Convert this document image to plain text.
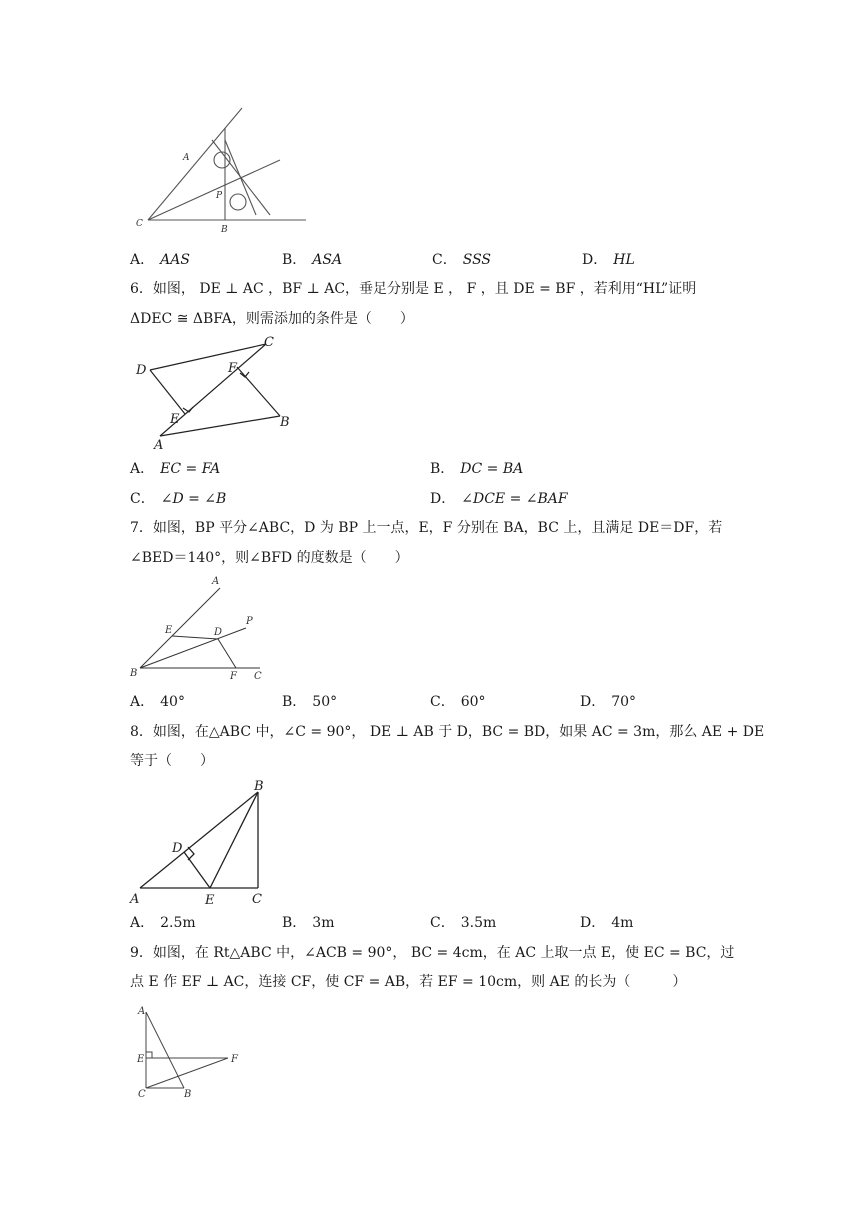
A
P
C
B
A． AAS	B． ASA	C． SSS	D． HL
6．如图， DE ⊥ AC ，BF ⊥ AC，垂足分别是 E ， F ，且 DE = BF ，若利用“HL”证明
ΔDEC ≅ ΔBFA，则需添加的条件是（　　）
D
C
F
E
A
B
A． EC = FA	B． DC = BA
C． ∠D = ∠B	D． ∠DCE = ∠BAF
7．如图，BP 平分∠ABC，D 为 BP 上一点，E，F 分别在 BA，BC 上，且满足 DE＝DF，若
∠BED＝140°，则∠BFD 的度数是（　　）
A
P
E	D
B	F C
A． 40°	B． 50°	C． 60°	D． 70°
8．如图，在△ABC 中，∠C = 90°， DE ⊥ AB 于 D，BC = BD，如果 AC = 3m，那么 AE + DE
等于（　　）
B
D
A	E	C
A． 2.5m	B． 3m	C． 3.5m	D． 4m
9．如图，在 Rt△ABC 中，∠ACB = 90°， BC = 4cm，在 AC 上取一点 E，使 EC = BC，过
点 E 作 EF ⊥ AC，连接 CF，使 CF = AB，若 EF = 10cm，则 AE 的长为（　　　）
A
E	F
C	B
